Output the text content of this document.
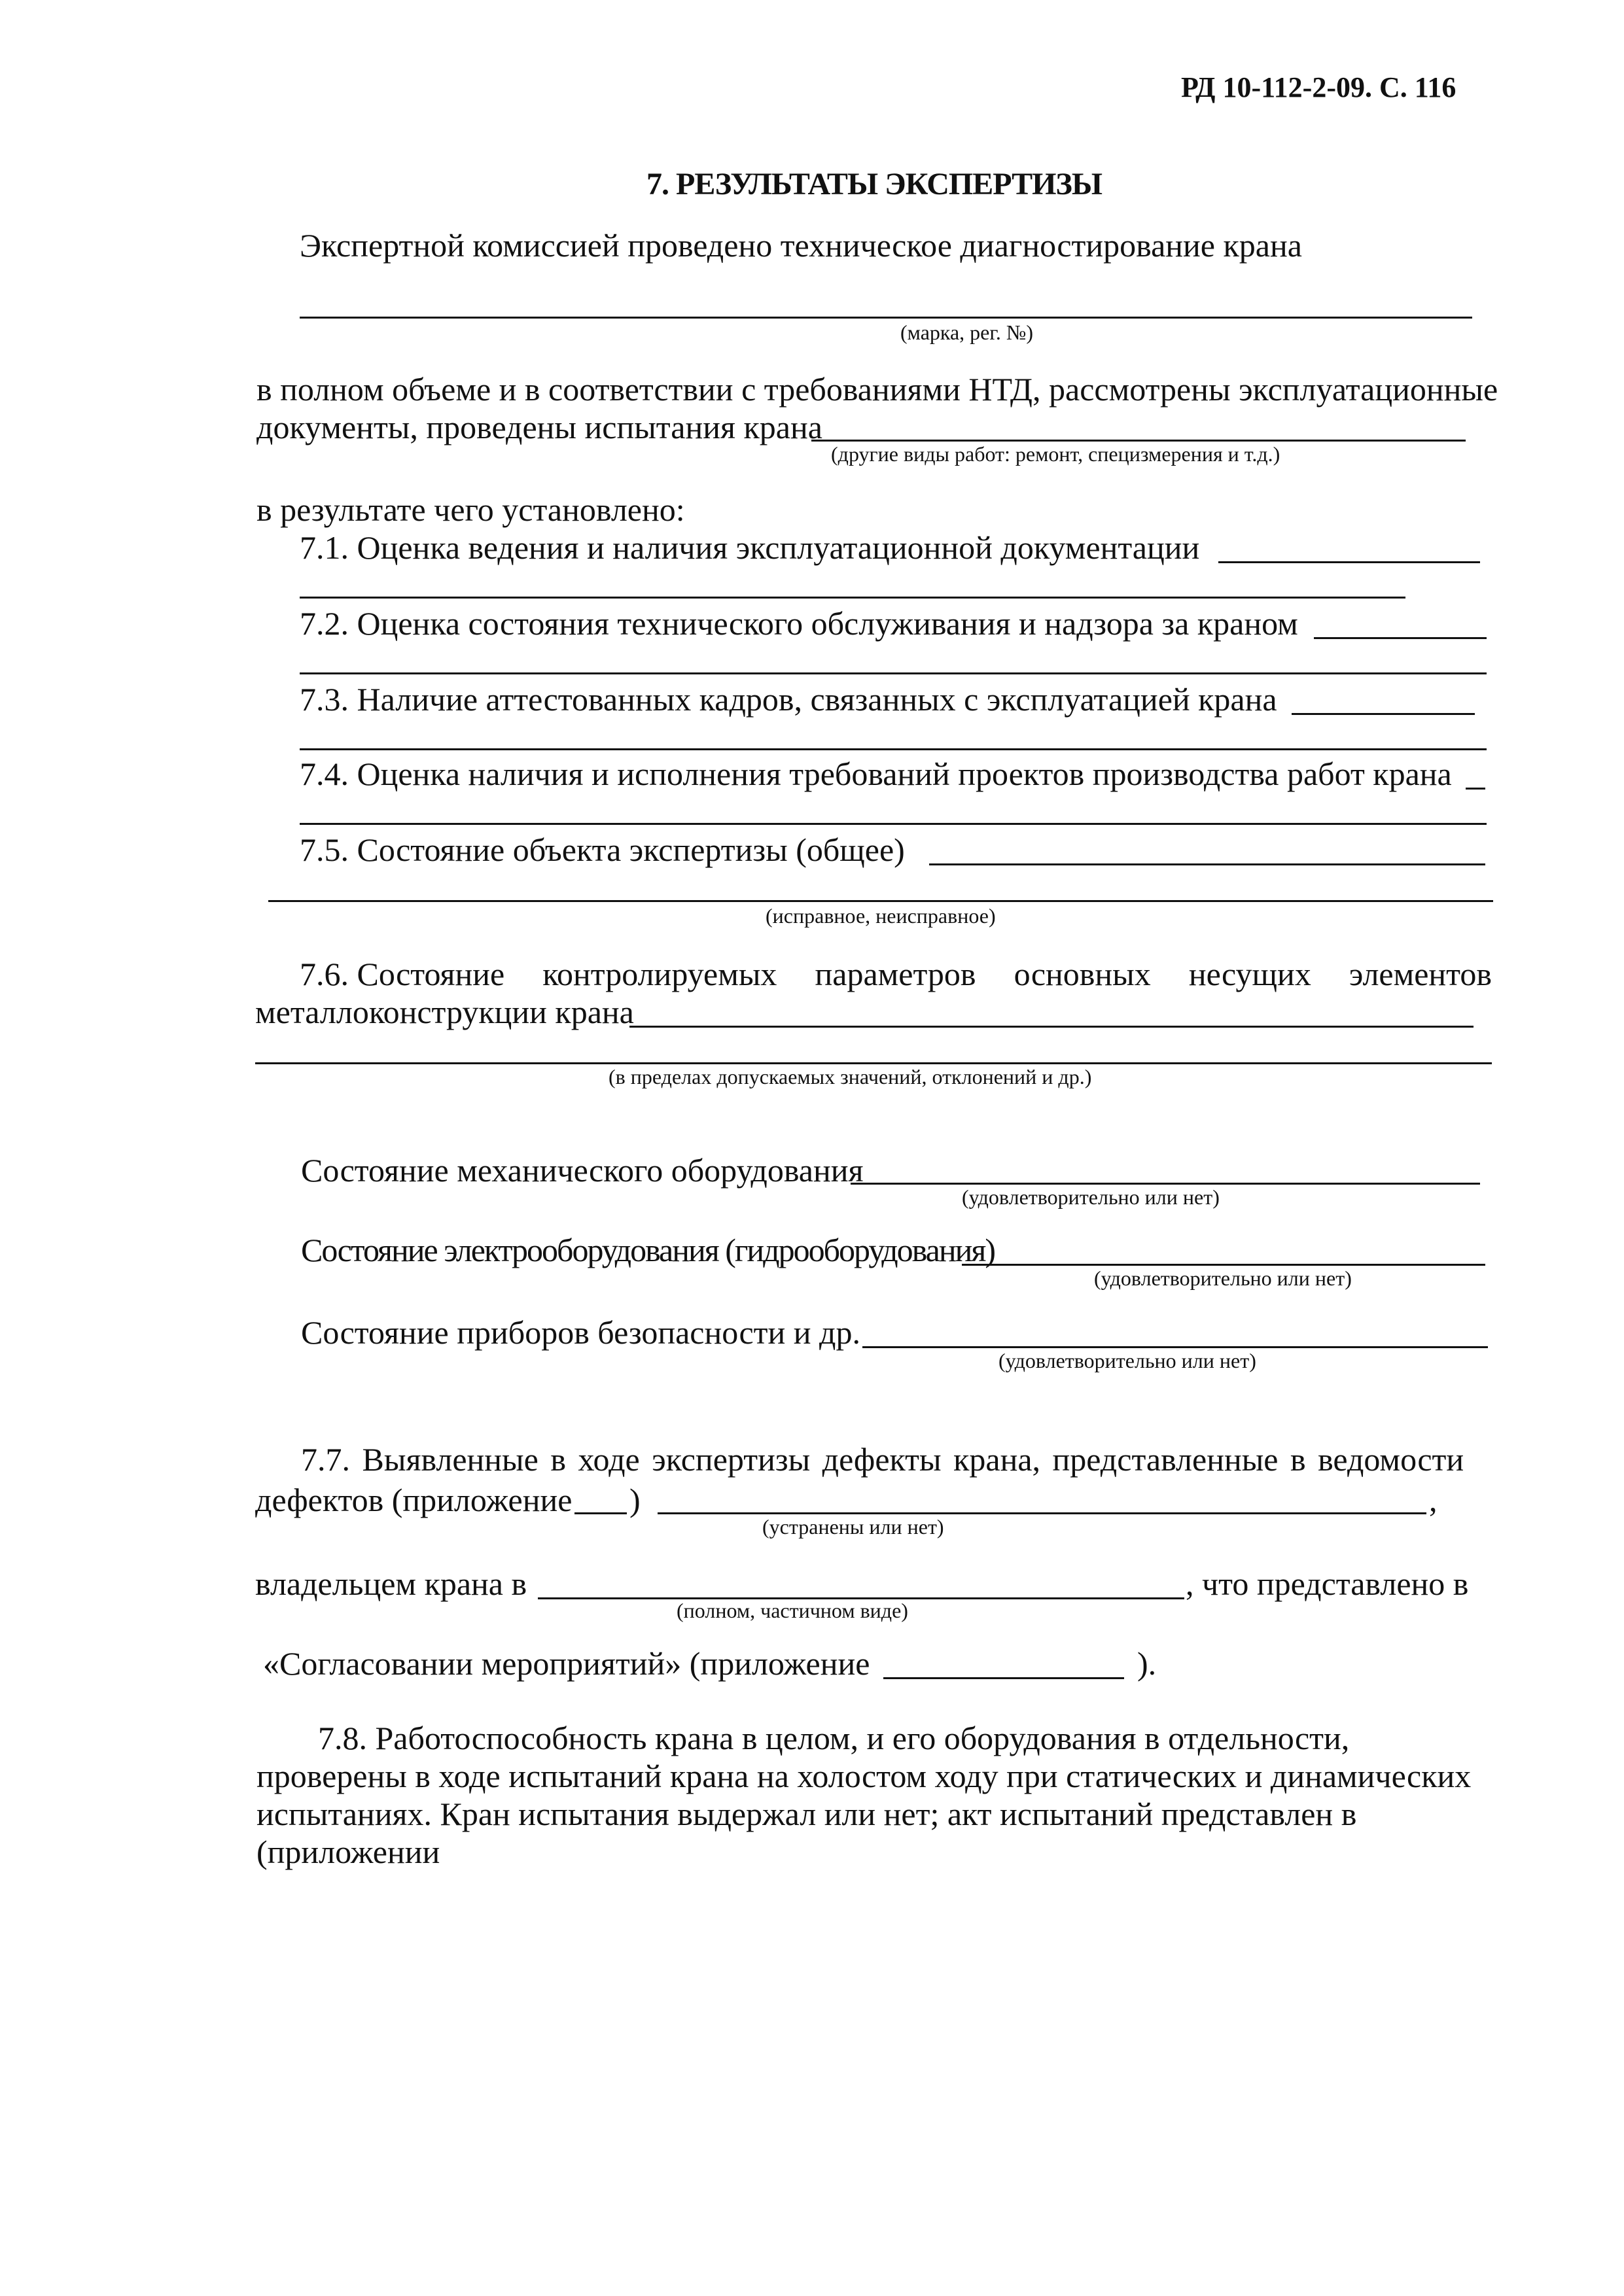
РД 10-112-2-09. С. 116
7. РЕЗУЛЬТАТЫ ЭКСПЕРТИЗЫ
Экспертной комиссией проведено техническое диагностирование крана
(марка, рег. №)
в полном объеме и в соответствии с требованиями НТД, рассмотрены эксплуатационные
документы, проведены испытания крана
(другие виды работ: ремонт, специзмерения и т.д.)
в результате чего установлено:
7.1. Оценка ведения и наличия эксплуатационной документации
7.2. Оценка состояния технического обслуживания и надзора за краном
7.3. Наличие аттестованных кадров, связанных с эксплуатацией крана
7.4. Оценка наличия и исполнения требований проектов производства работ крана
7.5. Состояние объекта экспертизы (общее)
(исправное, неисправное)
7.6. Состояние контролируемых параметров основных несущих элементов
металлоконструкции крана
(в пределах допускаемых значений, отклонений и др.)
Состояние механического оборудования
(удовлетворительно или нет)
Состояние электрооборудования (гидрооборудования)
(удовлетворительно или нет)
Состояние приборов безопасности и др.
(удовлетворительно или нет)
7.7. Выявленные в ходе экспертизы дефекты крана, представленные в ведомости
дефектов (приложение )	,
(устранены или нет)
владельцем крана в	, что представлено в
(полном, частичном виде)
«Согласовании мероприятий» (приложение	).
7.8. Работоспособность крана в целом, и его оборудования в отдельности,
проверены в ходе испытаний крана на холостом ходу при статических и динамических
испытаниях. Кран испытания выдержал или нет; акт испытаний представлен в
(приложении
